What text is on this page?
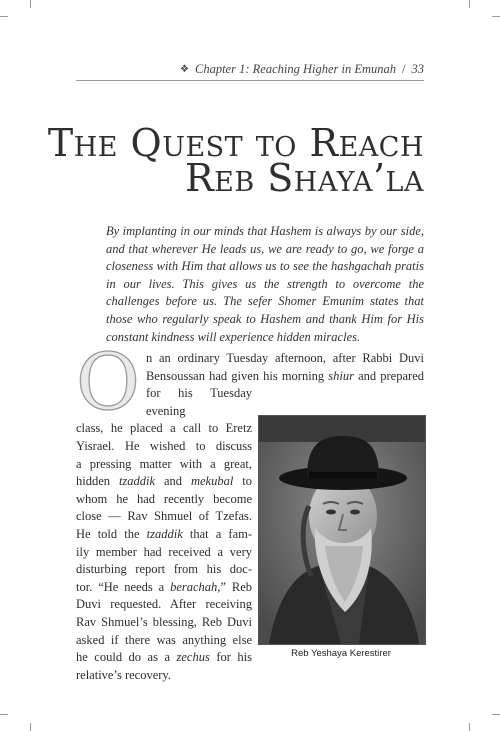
❖ Chapter 1: Reaching Higher in Emunah / 33
The Quest to Reach
Reb Shaya’la

By implanting in our minds that Hashem is always by our side, and that wherever He leads us, we are ready to go, we forge a closeness with Him that allows us to see the hashgachah pratis in our lives. This gives us the strength to overcome the challenges before us. The sefer Shomer Emunim states that those who regularly speak to Hashem and thank Him for His constant kindness will experience hidden miracles.

O n an ordinary Tuesday afternoon, after Rabbi Duvi
Bensoussan had given his morning shiur and prepared
for his Tuesday evening
class, he placed a call to Eretz
Yisrael. He wished to discuss
a pressing matter with a great,
hidden tzaddik and mekubal to
whom he had recently become
close — Rav Shmuel of Tzefas.
He told the tzaddik that a fam-
ily member had received a very
disturbing report from his doc-
tor. “He needs a berachah,” Reb
Duvi requested. After receiving
Rav Shmuel’s blessing, Reb Duvi
asked if there was anything else
he could do as a zechus for his
relative’s recovery.
Reb Yeshaya Kerestirer
